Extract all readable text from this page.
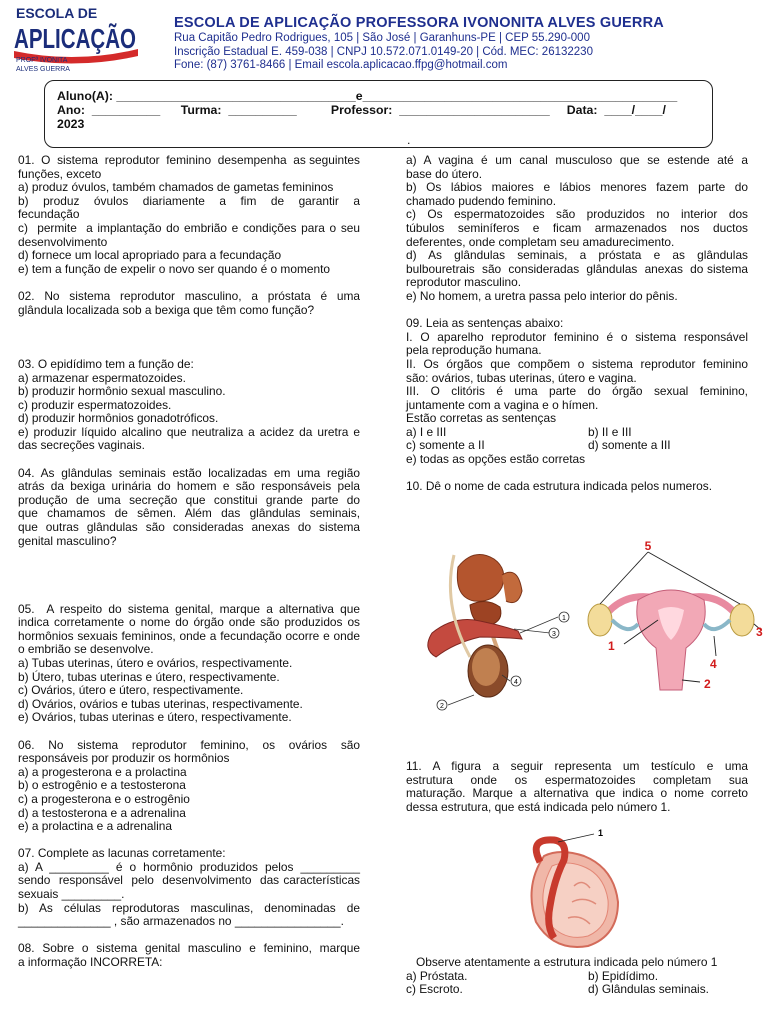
ESCOLA DE
APLICAÇÃO
PROFª IVONITA
ALVES GUERRA
ESCOLA DE APLICAÇÃO PROFESSORA IVONONITA ALVES GUERRA
Rua Capitão Pedro Rodrigues, 105 | São José | Garanhuns-PE | CEP 55.290-000
Inscrição Estadual E. 459-038 | CNPJ 10.572.071.0149-20 | Cód. MEC: 26132230
Fone: (87) 3761-8466 | Email escola.aplicacao.ffpg@hotmail.com
Aluno(A): ___________________________________e______________________________________________
Ano:  __________      Turma:  __________          Professor:  ______________________     Data:  ____/____/
2023
.
01.  O  sistema  reprodutor  feminino  desempenha  as seguintes funções, exceto
a) produz óvulos, também chamados de gametas femininos
b)  produz  óvulos  diariamente  a  fim  de  garantir  a fecundação
c)  permite  a implantação do embrião e condições para o seu desenvolvimento
d) fornece um local apropriado para a fecundação
e) tem a função de expelir o novo ser quando é o momento
02.  No  sistema  reprodutor  masculino,  a  próstata  é  uma glândula localizada sob a bexiga que têm como função?
03. O epidídimo tem a função de:
a) armazenar espermatozoides.
b) produzir hormônio sexual masculino.
c) produzir espermatozoides.
d) produzir hormônios gonadotróficos.
e) produzir líquido alcalino que neutraliza a acidez da uretra e das secreções vaginais.
04. As glândulas seminais estão localizadas em uma região atrás da bexiga urinária do homem e são responsáveis pela produção  de  uma  secreção  que  constitui  grande  parte  do que  chamamos  de  sêmen.  Além  das  glândulas  seminais, que outras glândulas são consideradas anexas do sistema genital masculino?
05.  A respeito do sistema genital, marque a alternativa que indica corretamente o nome do órgão onde são produzidos os hormônios sexuais femininos, onde a fecundação ocorre e onde o embrião se desenvolve.
a) Tubas uterinas, útero e ovários, respectivamente.
b) Útero, tubas uterinas e útero, respectivamente.
c) Ovários, útero e útero, respectivamente.
d) Ovários, ovários e tubas uterinas, respectivamente.
e) Ovários, tubas uterinas e útero, respectivamente.
06.  No  sistema  reprodutor  feminino,  os  ovários  são responsáveis por produzir os hormônios
a) a progesterona e a prolactina
b) o estrogênio e a testosterona
c) a progesterona e o estrogênio
d) a testosterona e a adrenalina
e) a prolactina e a adrenalina
07. Complete as lacunas corretamente:
a)  A  _________  é  o  hormônio  produzidos  pelos  _________ sendo  responsável  pelo  desenvolvimento  das características sexuais _________.
b) As células reprodutoras masculinas, denominadas de ______________ , são armazenados no ________________.
08.  Sobre  o  sistema  genital  masculino  e  feminino,  marque  a informação INCORRETA:
a)  A  vagina  é  um  canal  musculoso  que  se  estende  até  a base do útero.
b)  Os  lábios  maiores  e  lábios  menores  fazem  parte  do chamado pudendo feminino.
c)  Os  espermatozoides  são  produzidos  no  interior  dos túbulos  seminíferos  e  ficam  armazenados  nos  ductos deferentes, onde completam seu amadurecimento.
d)  As  glândulas  seminais,  a  próstata  e  as  glândulas bulbouretrais  são  consideradas  glândulas  anexas  do sistema reprodutor masculino.
e) No homem, a uretra passa pelo interior do pênis.
09. Leia as sentenças abaixo:
I.  O  aparelho  reprodutor  feminino  é  o  sistema  responsável pela reprodução humana.
II.  Os  órgãos  que  compõem  o  sistema  reprodutor  feminino são: ovários, tubas uterinas, útero e vagina.
III.  O  clitóris  é  uma  parte  do  órgão  sexual  feminino, juntamente com a vagina e o hímen.
Estão corretas as sentenças
a) I e III	b) II e III
c) somente a II	d) somente a III
e) todas as opções estão corretas
10. Dê o nome de cada estrutura indicada pelos numeros.
1
2
3
4
5
1
2
3
4
11.  A  figura  a  seguir  representa  um  testículo  e  uma estrutura  onde  os  espermatozoides  completam  sua maturação.  Marque  a  alternativa  que  indica  o  nome  correto dessa estrutura, que está indicada pelo número 1.
1
Observe atentamente a estrutura indicada pelo número 1
a) Próstata.	b) Epidídimo.
c) Escroto.	d) Glândulas seminais.
